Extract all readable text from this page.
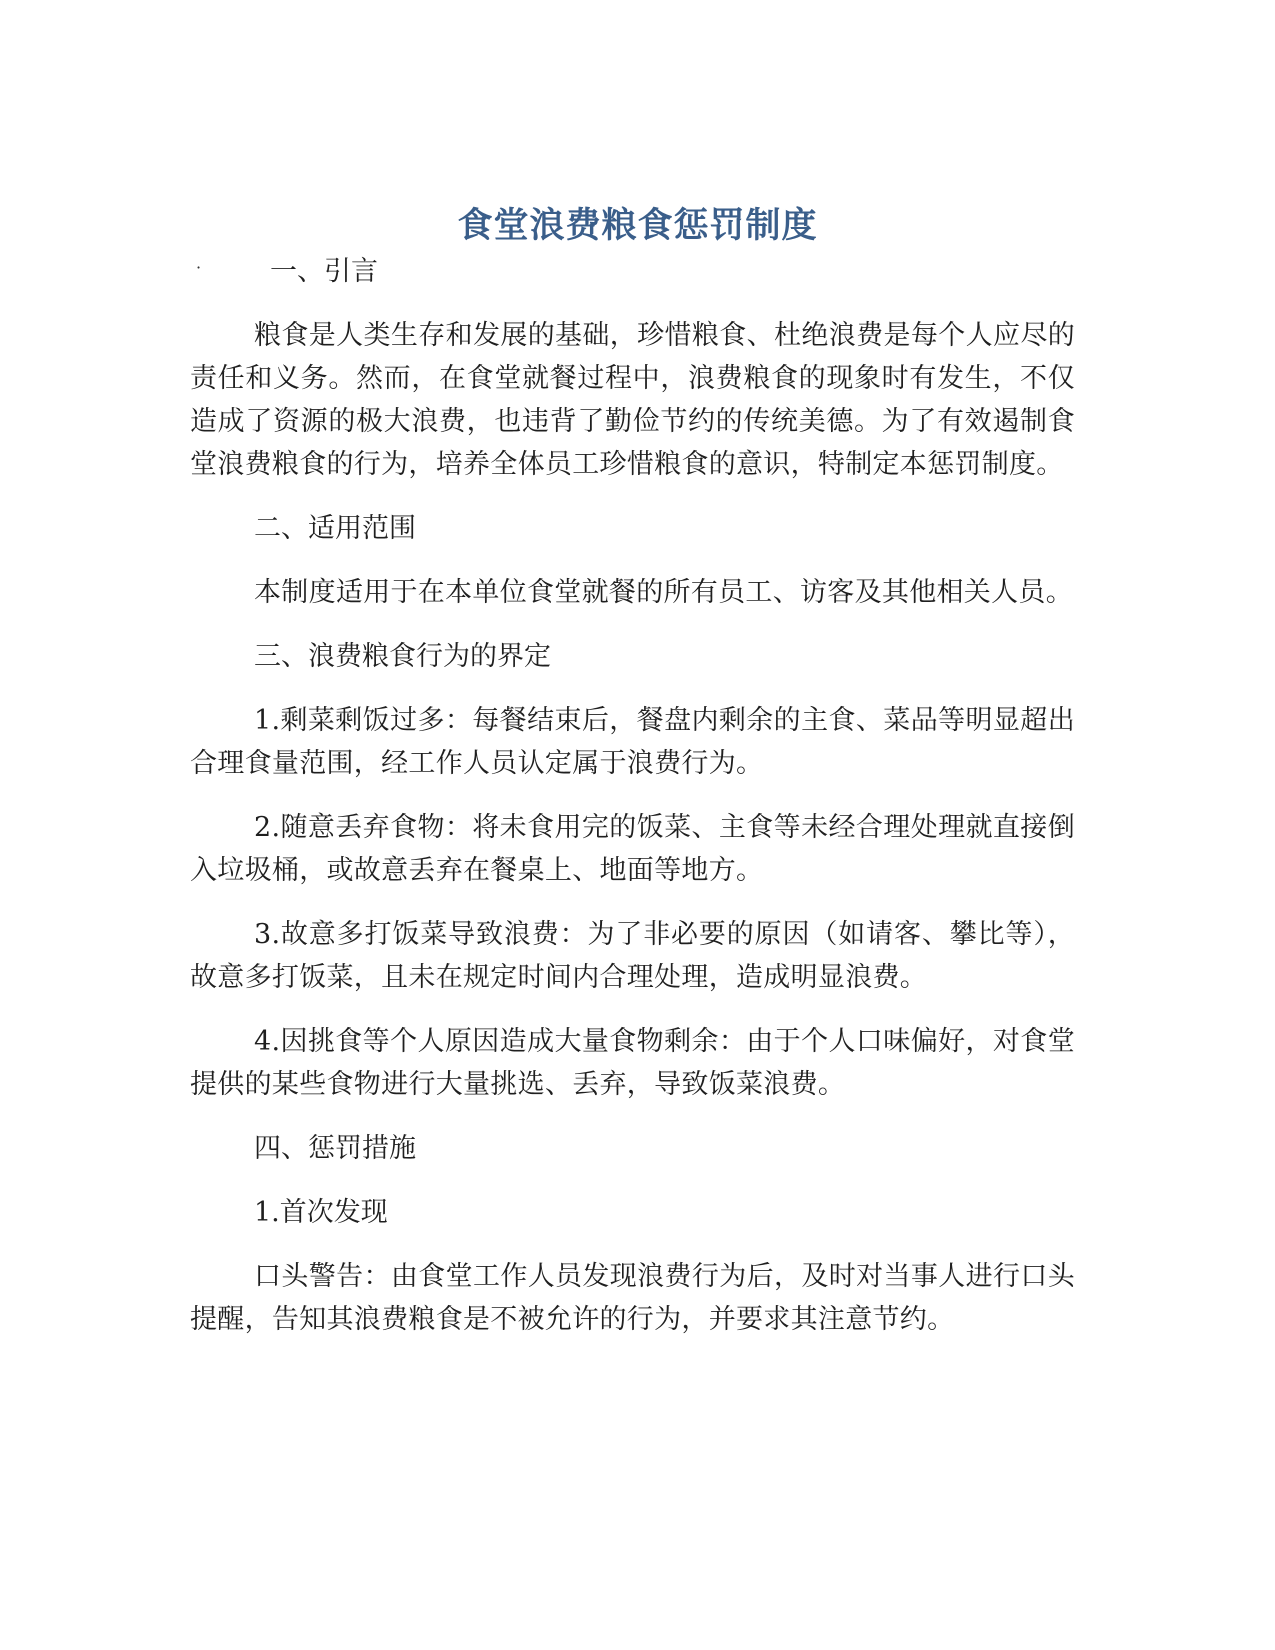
食堂浪费粮食惩罚制度
·	一、引言

粮食是人类生存和发展的基础，珍惜粮食、杜绝浪费是每个人应尽的责任和义务。然而，在食堂就餐过程中，浪费粮食的现象时有发生，不仅造成了资源的极大浪费，也违背了勤俭节约的传统美德。为了有效遏制食堂浪费粮食的行为，培养全体员工珍惜粮食的意识，特制定本惩罚制度。

二、适用范围

本制度适用于在本单位食堂就餐的所有员工、访客及其他相关人员。

三、浪费粮食行为的界定

1.剩菜剩饭过多：每餐结束后，餐盘内剩余的主食、菜品等明显超出合理食量范围，经工作人员认定属于浪费行为。

2.随意丢弃食物：将未食用完的饭菜、主食等未经合理处理就直接倒入垃圾桶，或故意丢弃在餐桌上、地面等地方。

3.故意多打饭菜导致浪费：为了非必要的原因（如请客、攀比等），故意多打饭菜，且未在规定时间内合理处理，造成明显浪费。

4.因挑食等个人原因造成大量食物剩余：由于个人口味偏好，对食堂提供的某些食物进行大量挑选、丢弃，导致饭菜浪费。

四、惩罚措施

1.首次发现

口头警告：由食堂工作人员发现浪费行为后，及时对当事人进行口头提醒，告知其浪费粮食是不被允许的行为，并要求其注意节约。
